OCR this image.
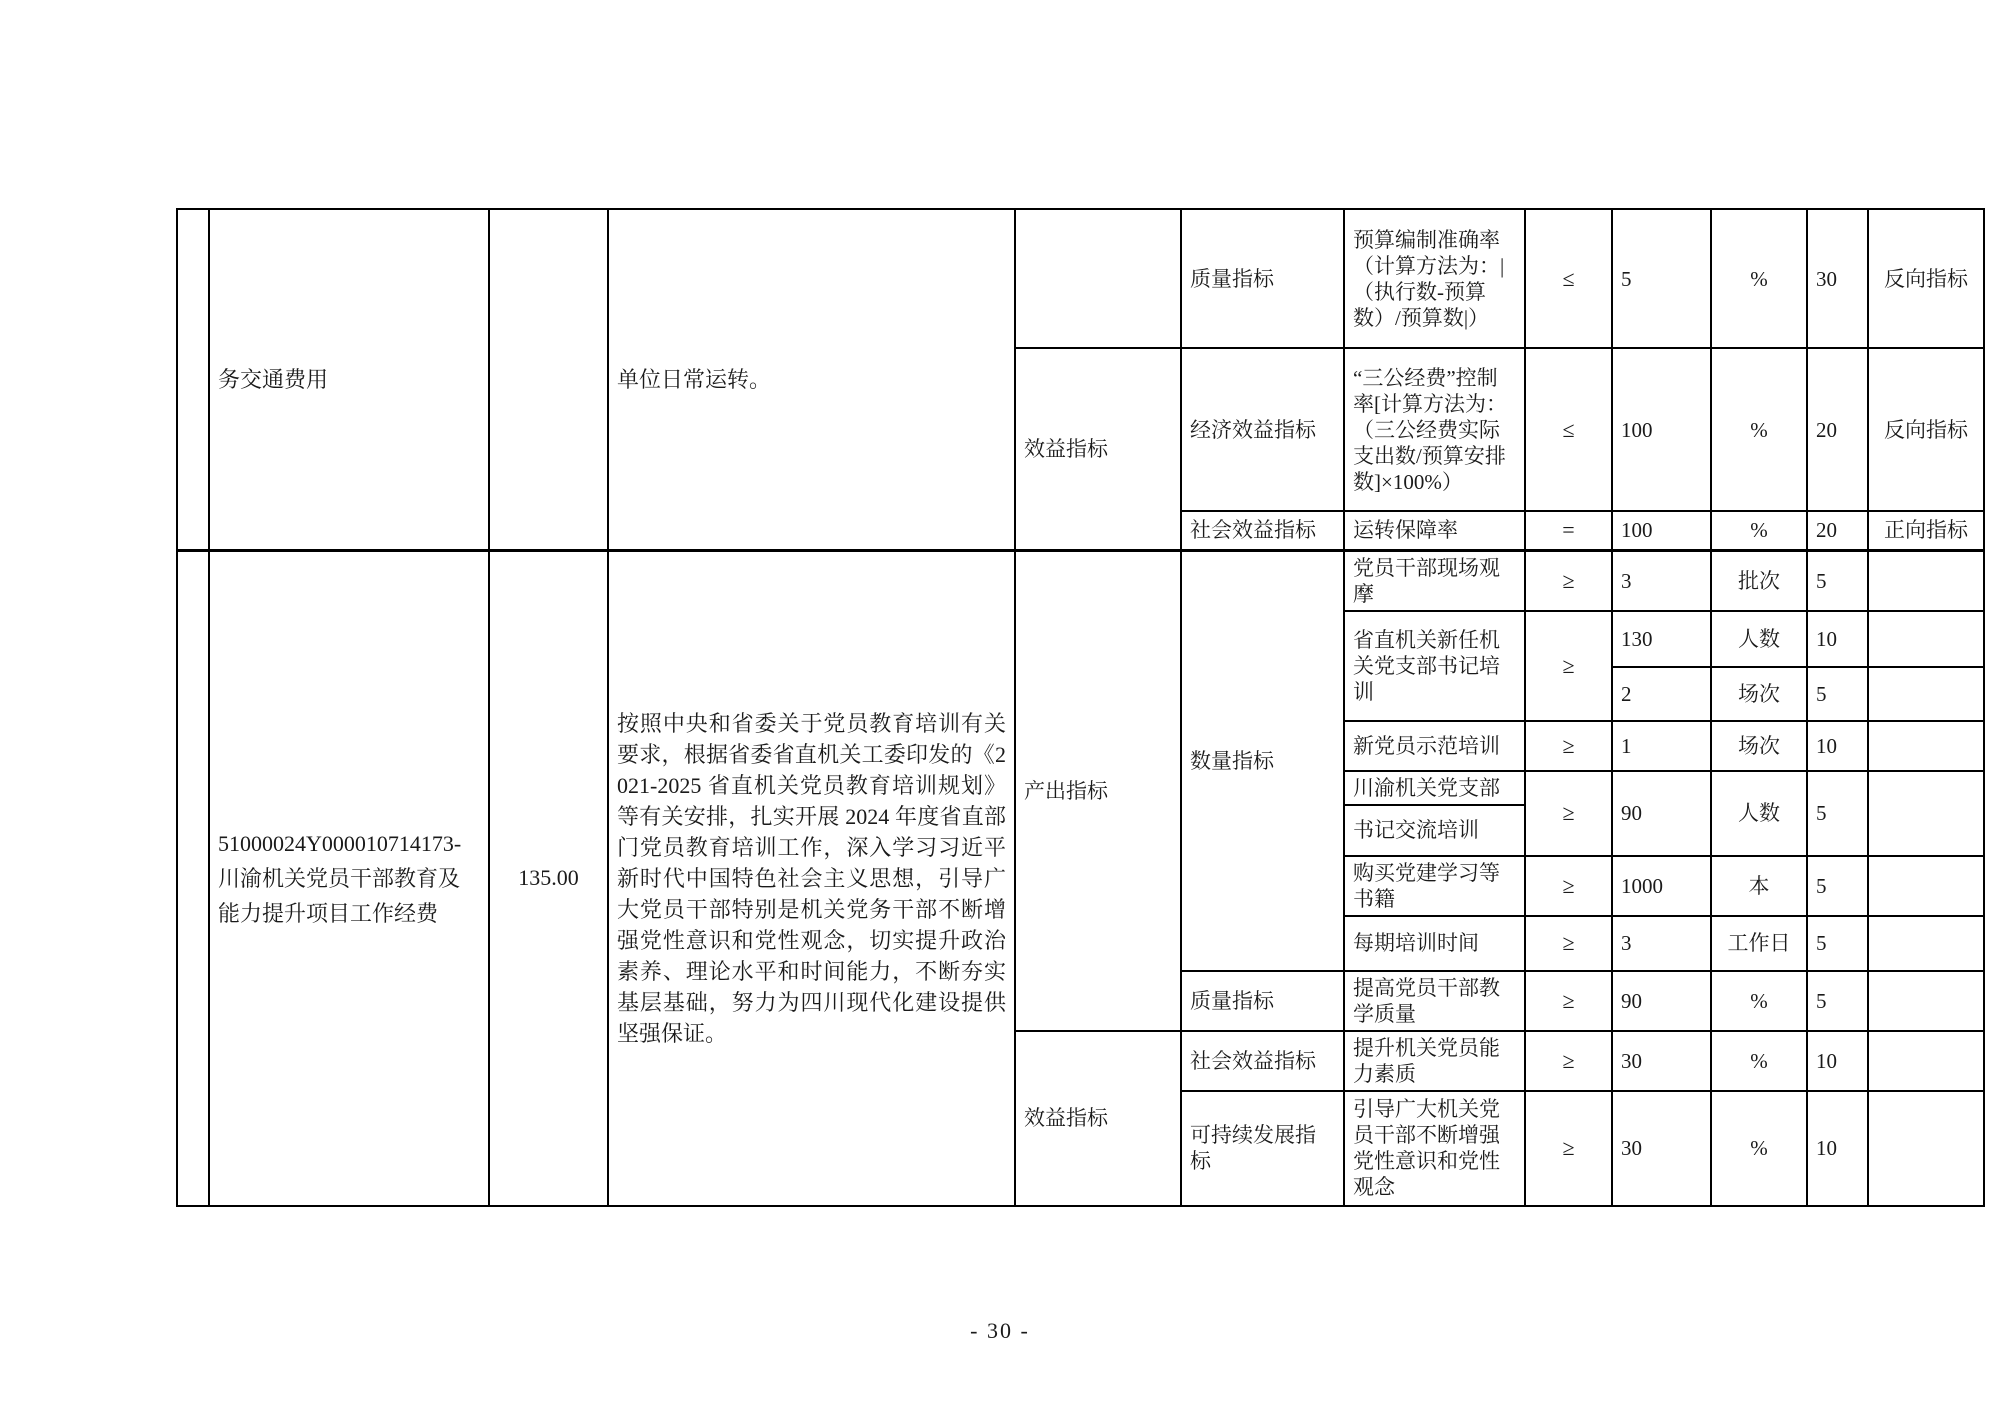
	务交通费用		单位日常运转。		质量指标	预算编制准确率（计算方法为：|（执行数-预算数）/预算数|）	≤	5	%	30	反向指标
				效益指标	经济效益指标	“三公经费”控制率[计算方法为：（三公经费实际支出数/预算安排数]×100%）	≤	100	%	20	反向指标
					社会效益指标	运转保障率	=	100	%	20	正向指标
	51000024Y000010714173-川渝机关党员干部教育及能力提升项目工作经费	135.00	按照中央和省委关于党员教育培训有关要求，根据省委省直机关工委印发的《2021-2025 省直机关党员教育培训规划》等有关安排，扎实开展 2024 年度省直部门党员教育培训工作，深入学习习近平新时代中国特色社会主义思想，引导广大党员干部特别是机关党务干部不断增强党性意识和党性观念，切实提升政治素养、理论水平和时间能力，不断夯实基层基础，努力为四川现代化建设提供坚强保证。	产出指标	数量指标	党员干部现场观摩	≥	3	批次	5	
						省直机关新任机关党支部书记培训	≥	130	人数	10	
								2	场次	5	
						新党员示范培训	≥	1	场次	10	
						川渝机关党支部	≥	90	人数	5	
						书记交流培训					
						购买党建学习等书籍	≥	1000	本	5	
						每期培训时间	≥	3	工作日	5	
					质量指标	提高党员干部教学质量	≥	90	%	5	
				效益指标	社会效益指标	提升机关党员能力素质	≥	30	%	10	
					可持续发展指标	引导广大机关党员干部不断增强党性意识和党性观念	≥	30	%	10	
- 30 -
